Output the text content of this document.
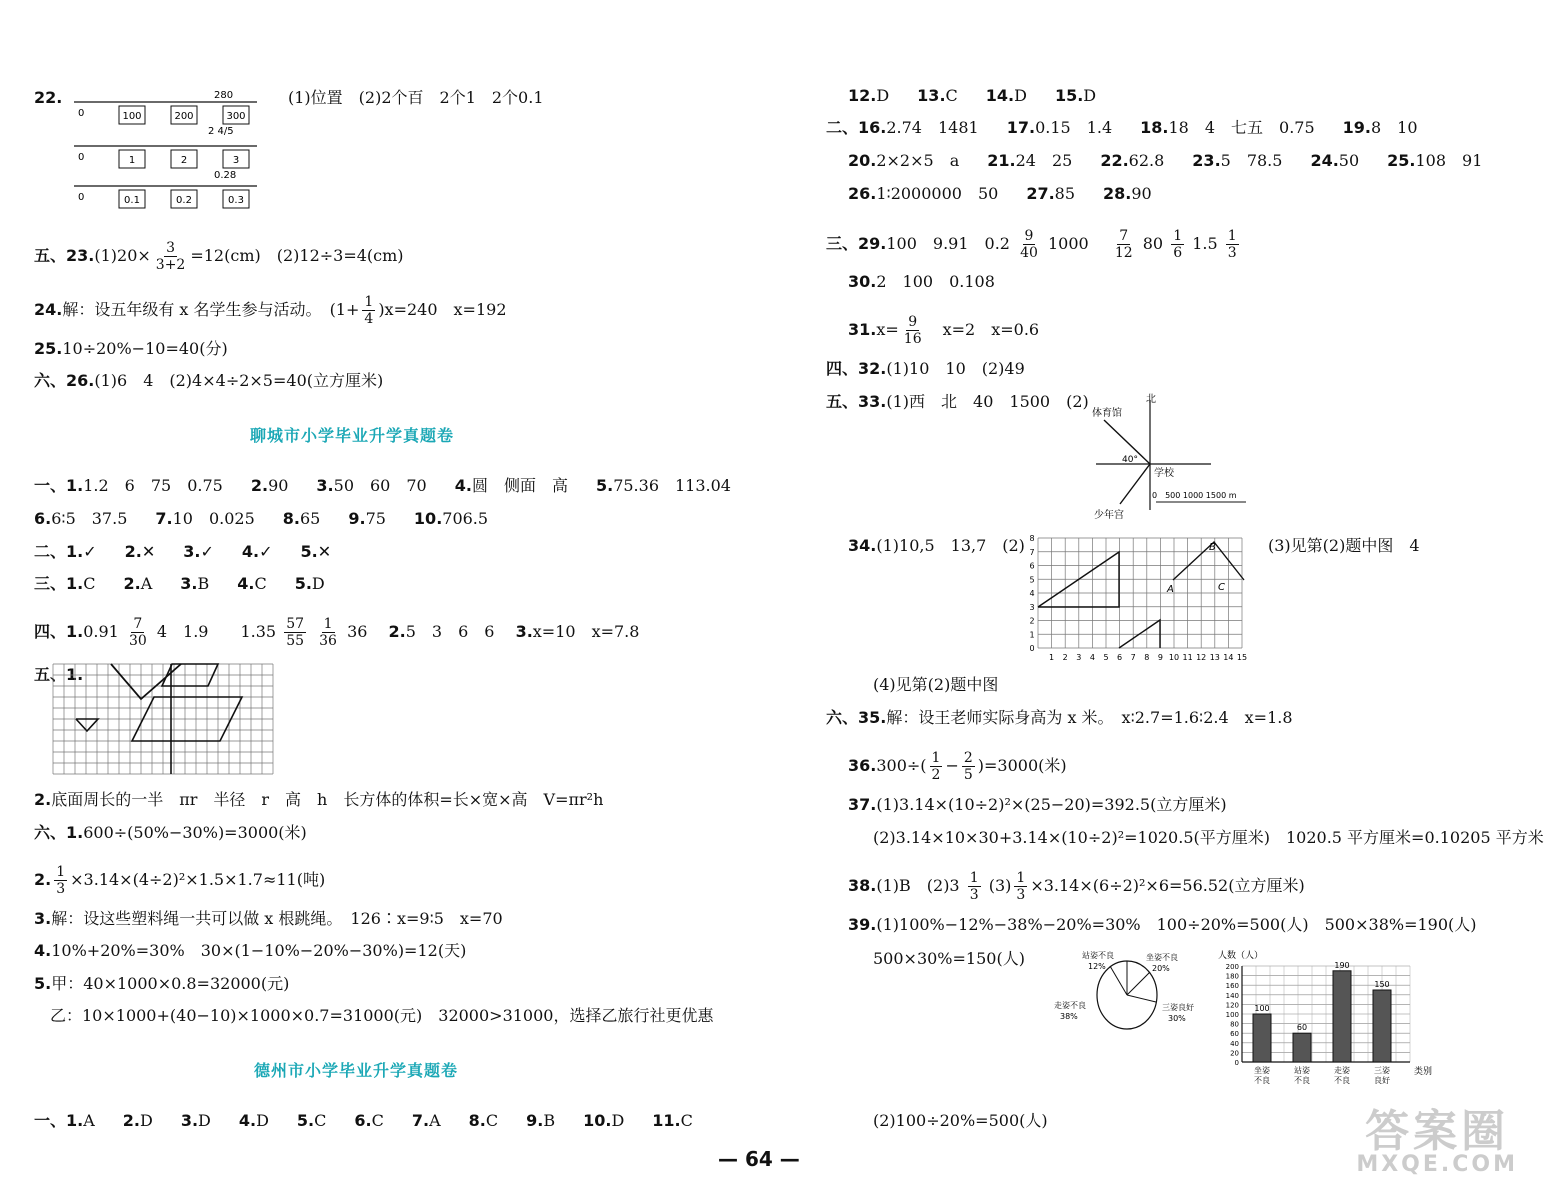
22.
0	100	200	300
0	1	2	3
0	0.1	0.2	0.3
280
2 4/5
0.28
(1)位置　(2)2个百　2个1　2个0.1
五、$23.(1)20\times \frac{3}{3+2} =12(cm)$　(2)12÷3=4(cm)
24.解：设五年级有 x 名学生参与活动。　 $(1+ \frac{1}{4} )x=240$　x=192
25.10÷20%−10=40(分)
六、26.(1)6　4　(2)4×4÷2×5=40(立方厘米)
聊城市小学毕业升学真题卷
一、1.1.2　6　75　0.75 2.90 3.50　60　70 4.圆　侧面　高 5.75.36　113.04
6.6∶5　37.5 7.10　0.025 8.65 9.75 10.706.5
二、1.✓ 2.✕ 3.✓ 4.✓ 5.✕
三、1.C 2.A 3.B 4.C 5.D
四、$1.0.91 \frac{7}{30} 4$　1.9　　$1.35 \frac{57}{55}$
$\frac{1}{36} 36$　 2.5　3　6　6　 3.x=10　x=7.8
五、1.
2.底面周长的一半　πr　半径　r　高　h　长方体的体积=长×宽×高　V=πr²h
六、1.600÷(50%−30%)=3000(米)
2. $\frac{1}{3} \times 3.14\times(4\div 2)^2\times 1.5\times 1.7\approx 11$(吨)
3.解：设这些塑料绳一共可以做 x 根跳绳。　126∶x=9∶5　x=70
4.10%+20%=30%　30×(1−10%−20%−30%)=12(天)
5.甲：40×1000×0.8=32000(元)
乙：10×1000+(40−10)×1000×0.7=31000(元)　32000>31000，选择乙旅行社更优惠
德州市小学毕业升学真题卷
一、1.A 2.D 3.D 4.D 5.C 6.C 7.A 8.C 9.B 10.D 11.C
12.D 13.C 14.D 15.D
二、16.2.74　1481 17.0.15　1.4 18.18　4　七五　0.75 19.8　10
20.2×2×5　a 21.24　25 22.62.8 23.5　78.5 24.50 25.108　91
26.1∶2000000　50 27.85 28.90
三、29.100　9.91　$0.2 \frac{9}{40} 1000$　 $\frac{7}{12} 80 \frac{1}{6} 1.5 \frac{1}{3}$
30.2　100　0.108
$31.x= \frac{9}{16}$ 　x=2　x=0.6
四、32.(1)10　10　(2)49
五、33.(1)西　北　40　1500　(2)	北
体育馆
学校
少年宫
40°
0　500 1000 1500 m
34.(1)10,5　13,7　(2)
1 2 3 4 5 6 7 8 9 10 11 12 13 14 15
8
7
6
5
4
3
2
1
0
A
B
C
(3)见第(2)题中图　4
(4)见第(2)题中图
六、35.解：设王老师实际身高为 x 米。　x∶2.7=1.6∶2.4　x=1.8
$36.300\div( \frac{1}{2} - \frac{2}{5} )=3000$(米)
37.(1)3.14×(10÷2)²×(25−20)=392.5(立方厘米)
(2)3.14×10×30+3.14×(10÷2)²=1020.5(平方厘米)　1020.5 平方厘米=0.10205 平方米
38.(1)B　$(2)3 \frac{1}{3} (3) \frac{1}{3} \times 3.14\times(6\div 2)^2\times 6=56.52$(立方厘米)
39.(1)100%−12%−38%−20%=30%　100÷20%=500(人)　500×38%=190(人)
500×30%=150(人)	站姿不良
12%
坐姿不良
20%
三姿良好
30%
走姿不良
38%
200
180
160
140
120
100
80
60
40
20
0
人数（人）
类别
100
坐姿
不良
60
站姿
不良
190
走姿
不良
150
三姿
良好
(2)100÷20%=500(人)
— 64 —
答案圈
MXQE.COM
